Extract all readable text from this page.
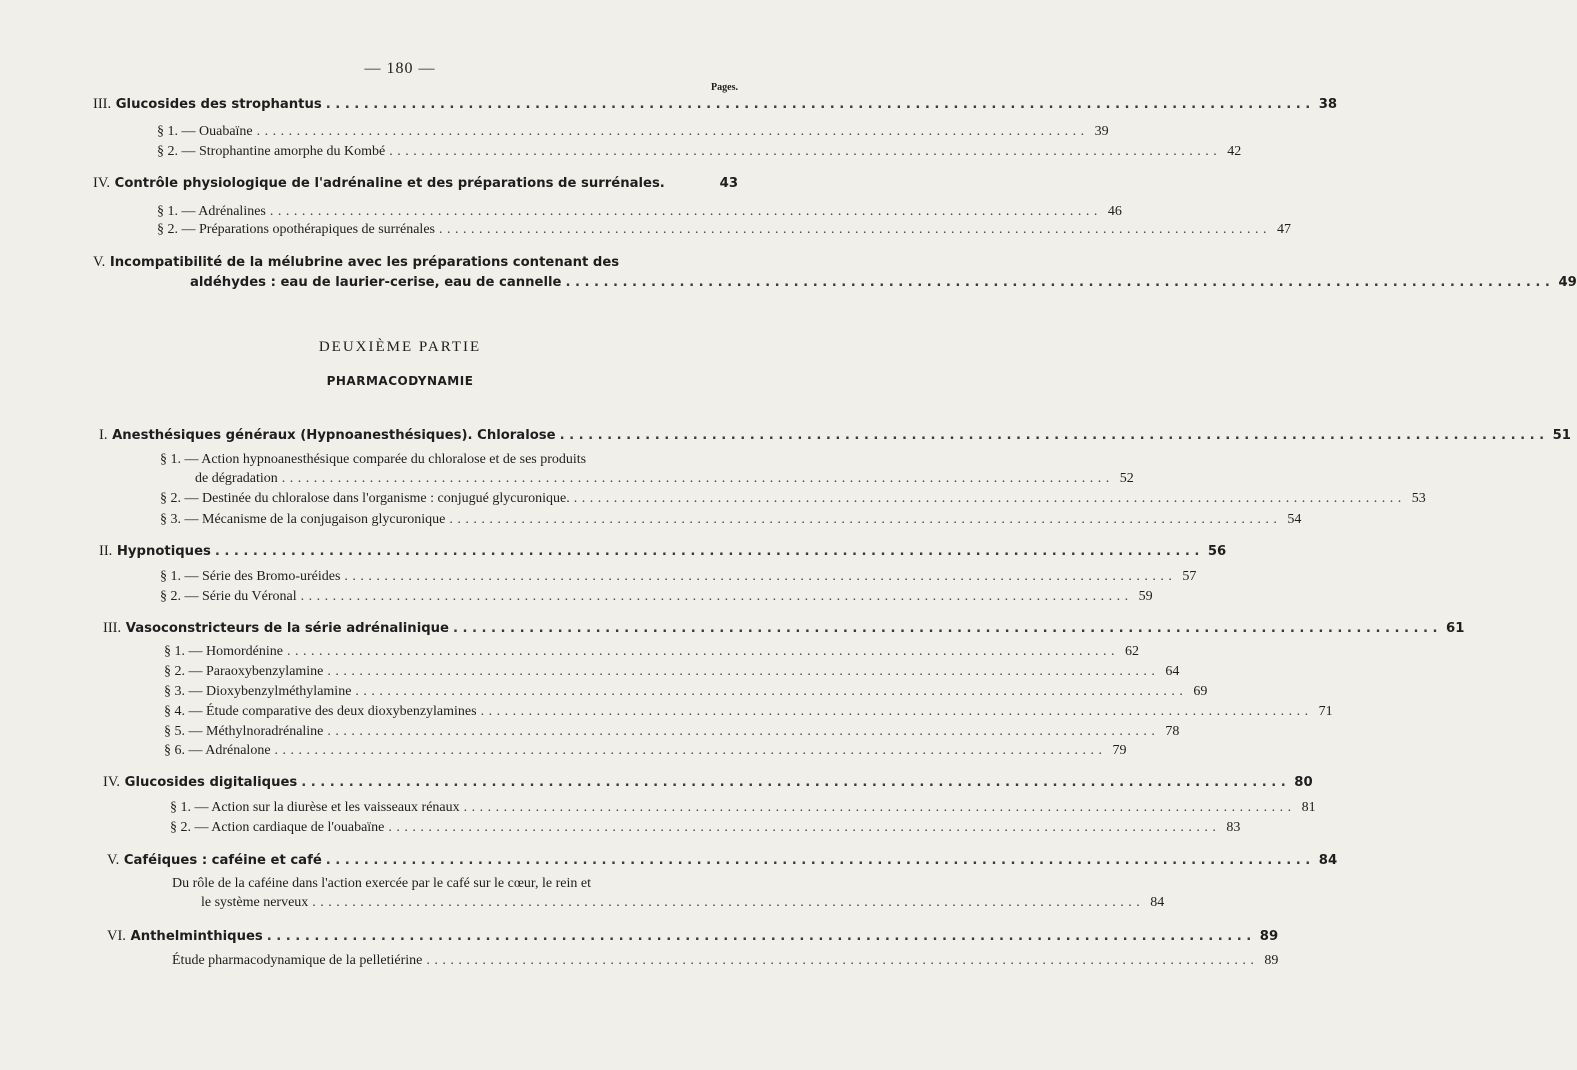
— 180 —
Pages.
III. Glucosides des strophantus ........................................................................................................ 38
§ 1. — Ouabaïne ........................................................................................................ 39
§ 2. — Strophantine amorphe du Kombé ........................................................................................................ 42
IV. Contrôle physiologique de l'adrénaline et des préparations de surrénales.	43
§ 1. — Adrénalines ........................................................................................................ 46
§ 2. — Préparations opothérapiques de surrénales ........................................................................................................ 47
V. Incompatibilité de la mélubrine avec les préparations contenant des
aldéhydes : eau de laurier-cerise, eau de cannelle ........................................................................................................ 49
DEUXIÈME PARTIE
PHARMACODYNAMIE
I. Anesthésiques généraux (Hypnoanesthésiques). Chloralose ........................................................................................................ 51
§ 1. — Action hypnoanesthésique comparée du chloralose et de ses produits
de dégradation ........................................................................................................ 52
§ 2. — Destinée du chloralose dans l'organisme : conjugué glycuronique. ........................................................................................................ 53
§ 3. — Mécanisme de la conjugaison glycuronique ........................................................................................................ 54
II. Hypnotiques ........................................................................................................ 56
§ 1. — Série des Bromo-uréides ........................................................................................................ 57
§ 2. — Série du Véronal ........................................................................................................ 59
III. Vasoconstricteurs de la série adrénalinique ........................................................................................................ 61
§ 1. — Homordénine ........................................................................................................ 62
§ 2. — Paraoxybenzylamine ........................................................................................................ 64
§ 3. — Dioxybenzylméthylamine ........................................................................................................ 69
§ 4. — Étude comparative des deux dioxybenzylamines ........................................................................................................ 71
§ 5. — Méthylnoradrénaline ........................................................................................................ 78
§ 6. — Adrénalone ........................................................................................................ 79
IV. Glucosides digitaliques ........................................................................................................ 80
§ 1. — Action sur la diurèse et les vaisseaux rénaux ........................................................................................................ 81
§ 2. — Action cardiaque de l'ouabaïne ........................................................................................................ 83
V. Caféiques : caféine et café ........................................................................................................ 84
Du rôle de la caféine dans l'action exercée par le café sur le cœur, le rein et
le système nerveux ........................................................................................................ 84
VI. Anthelminthiques ........................................................................................................ 89
Étude pharmacodynamique de la pelletiérine ........................................................................................................ 89
